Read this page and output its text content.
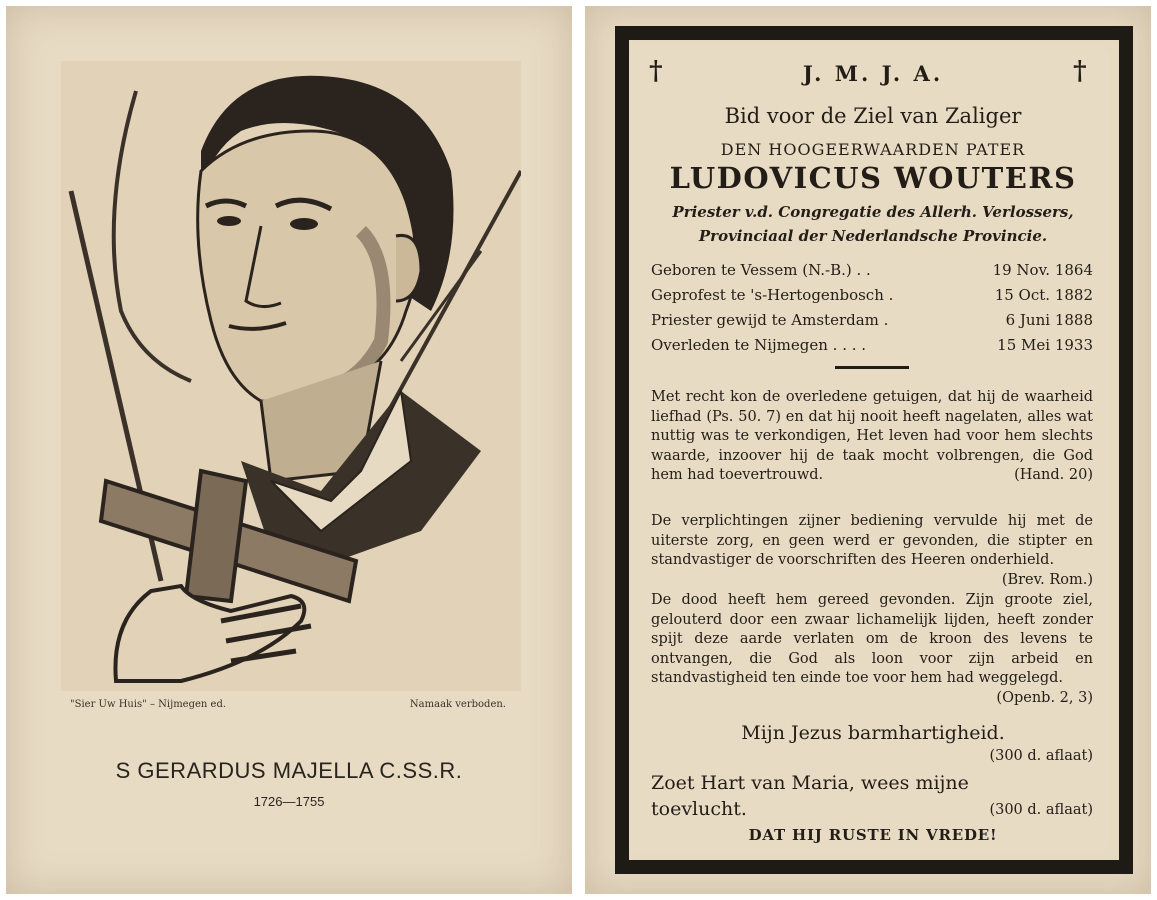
"Sier Uw Huis" – Nijmegen ed.	Namaak verboden.
S GERARDUS MAJELLA C.SS.R.
1726—1755
†	†
J. M. J. A.
Bid voor de Ziel van Zaliger
DEN HOOGEERWAARDEN PATER
LUDOVICUS WOUTERS
Priester v.d. Congregatie des Allerh. Verlossers,
Provinciaal der Nederlandsche Provincie.
Geboren te Vessem (N.-B.) . .	19 Nov. 1864
Geprofest te 's-Hertogenbosch .	15 Oct. 1882
Priester gewijd te Amsterdam .	6 Juni 1888
Overleden te Nijmegen . . . .	15 Mei 1933
Met recht kon de overledene getuigen, dat hij de waarheid liefhad (Ps. 50. 7) en dat hij nooit heeft nagelaten, alles wat nuttig was te verkondigen, Het leven had voor hem slechts waarde, inzoover hij de taak mocht volbrengen, die God hem had toevertrouwd.	(Hand. 20)
De verplichtingen zijner bediening vervulde hij met de uiterste zorg, en geen werd er gevonden, die stipter en standvastiger de voorschriften des Heeren onderhield.
(Brev. Rom.)
De dood heeft hem gereed gevonden. Zijn groote ziel, gelouterd door een zwaar lichamelijk lijden, heeft zonder spijt deze aarde verlaten om de kroon des levens te ontvangen, die God als loon voor zijn arbeid en standvastigheid ten einde toe voor hem had weggelegd.
(Openb. 2, 3)
Mijn Jezus barmhartigheid.
(300 d. aflaat)
Zoet Hart van Maria, wees mijne
toevlucht.	(300 d. aflaat)
DAT HIJ RUSTE IN VREDE!
